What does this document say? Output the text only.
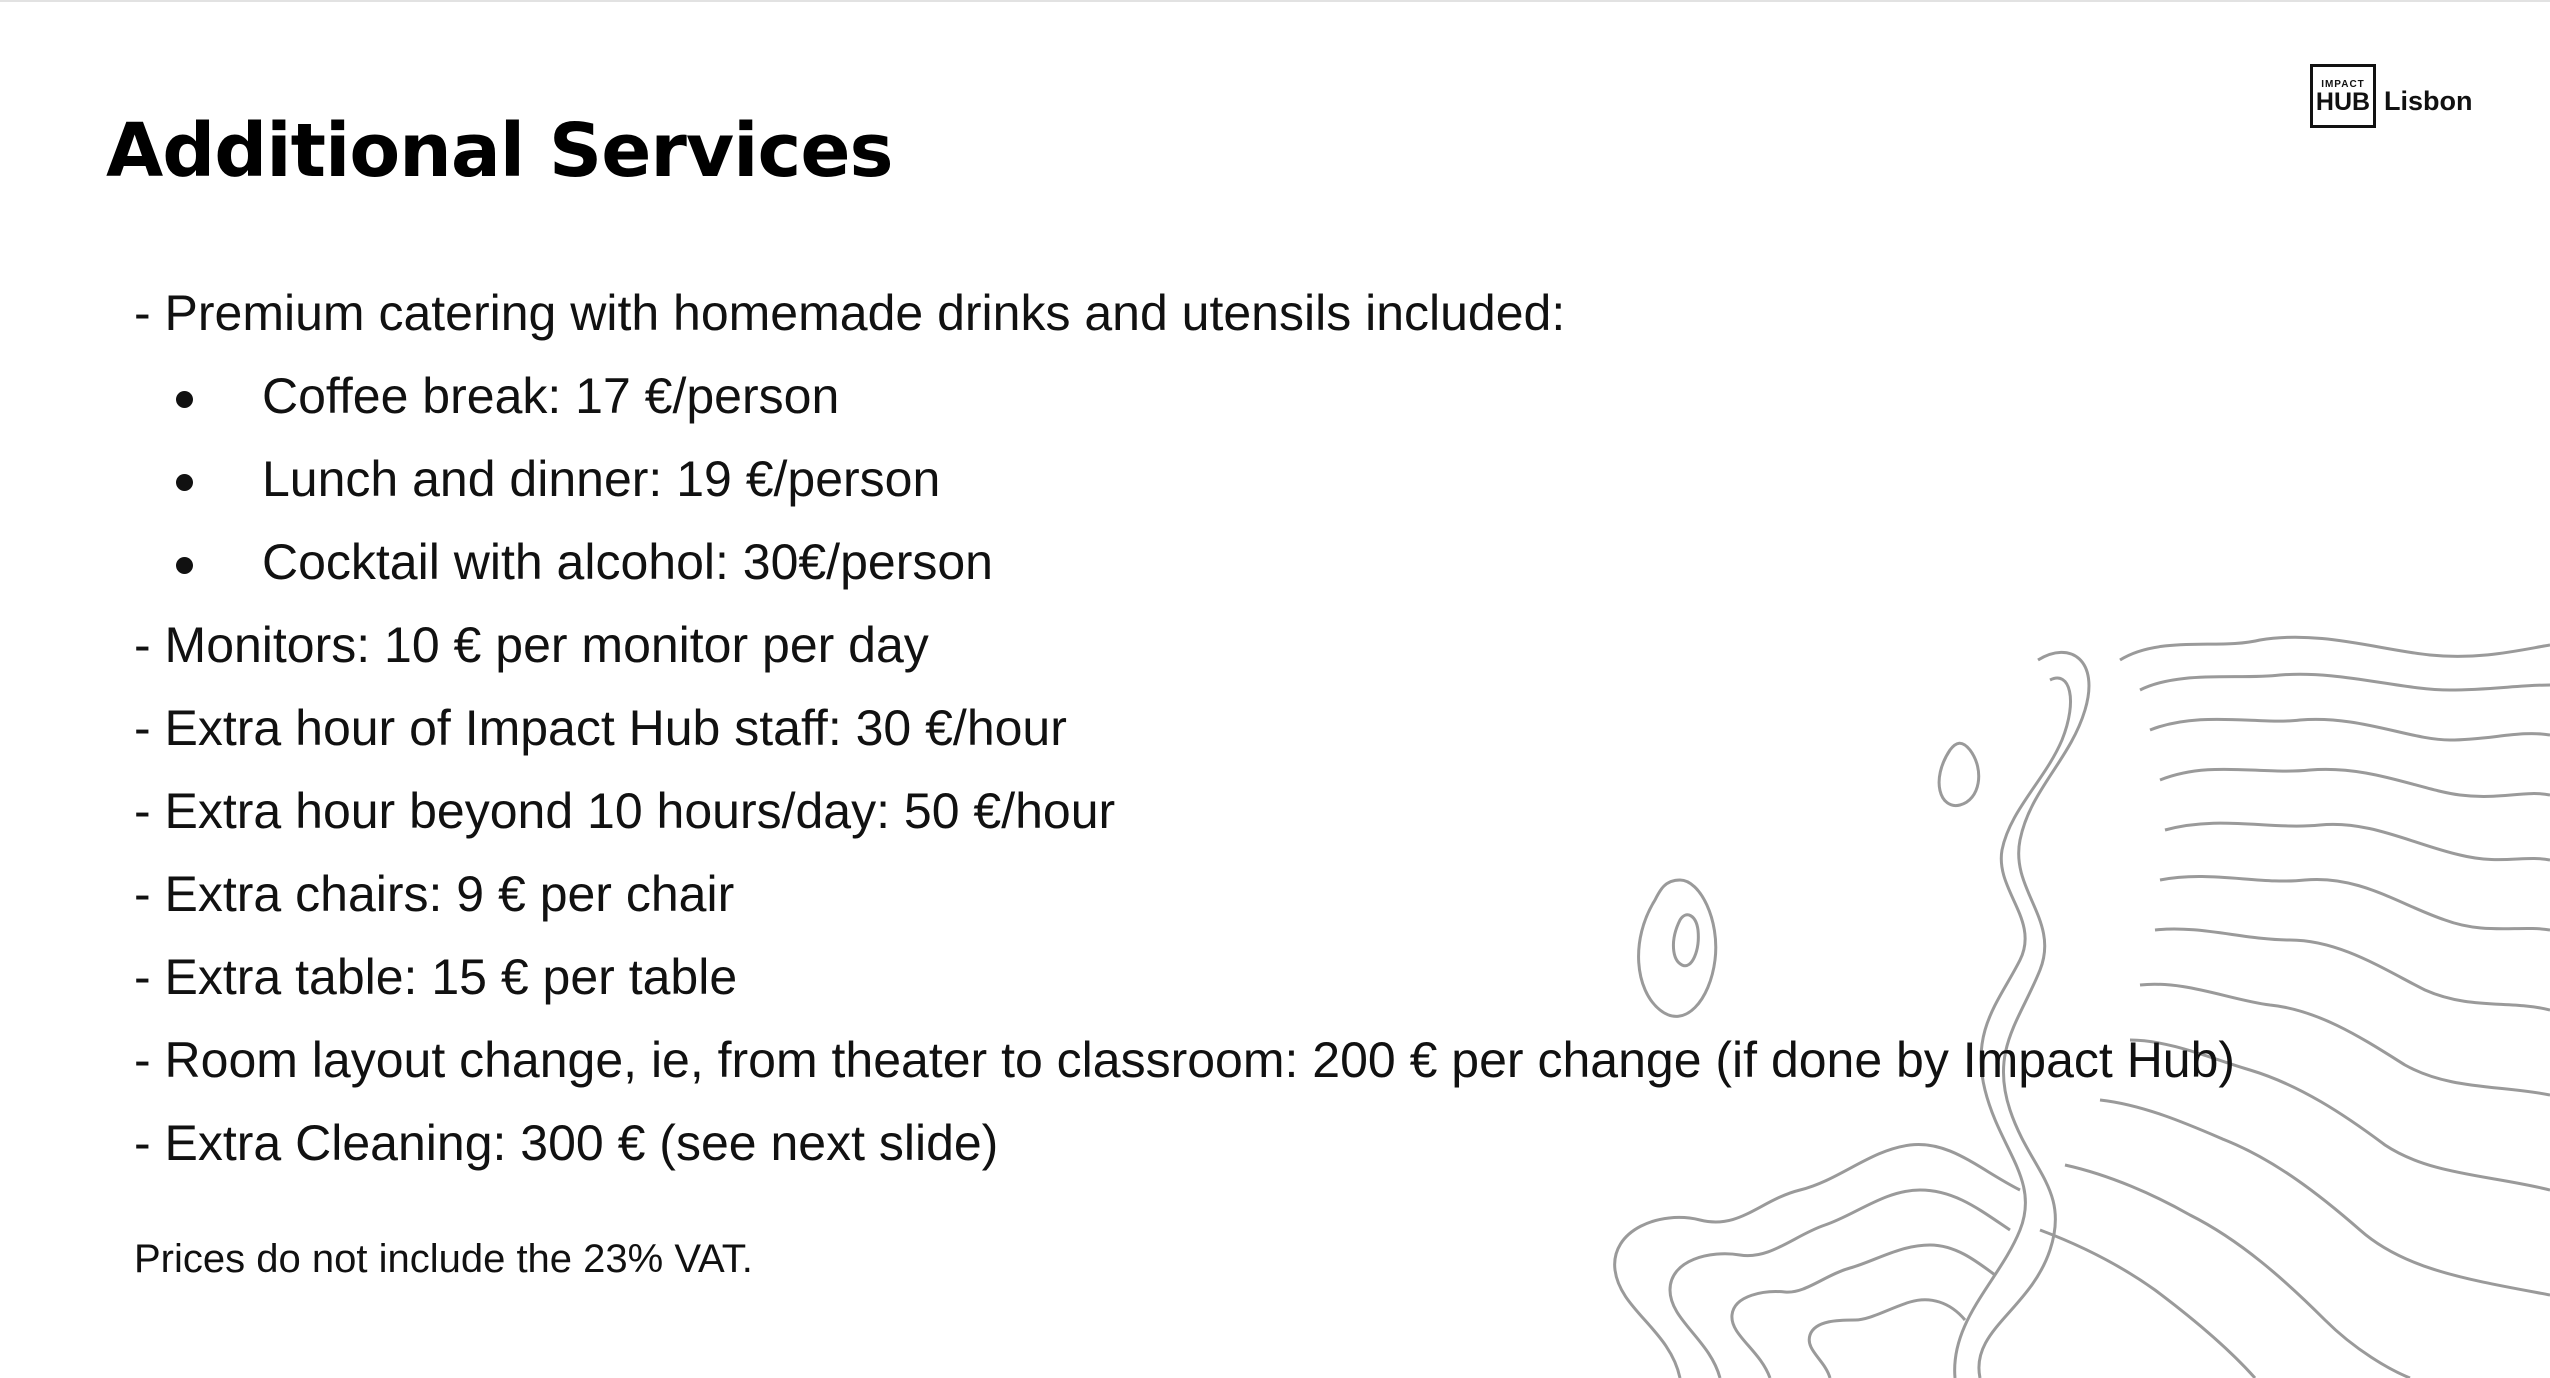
Additional Services
IMPACT
HUB Lisbon
- Premium catering with homemade drinks and utensils included:
Coffee break: 17 €/person
Lunch and dinner: 19 €/person
Cocktail with alcohol: 30€/person
- Monitors: 10 € per monitor per day
- Extra hour of Impact Hub staff: 30 €/hour
- Extra hour beyond 10 hours/day: 50 €/hour
- Extra chairs: 9 € per chair
- Extra table: 15 € per table
- Room layout change, ie, from theater to classroom: 200 € per change (if done by Impact Hub)
- Extra Cleaning: 300 € (see next slide)
Prices do not include the 23% VAT.
